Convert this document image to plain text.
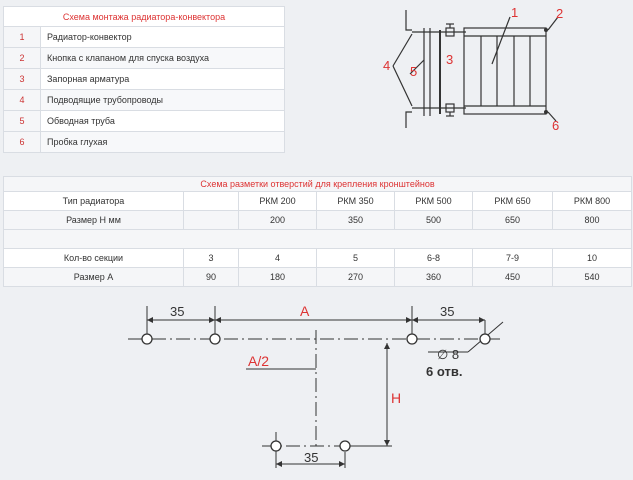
Схема монтажа радиатора-конвектора	
1	Радиатор-конвектор
2	Кнопка с клапаном для спуска воздуха
3	Запорная арматура
4	Подводящие трубопроводы
5	Обводная труба
6	Пробка глухая
Схема разметки отверстий для крепления кронштейнов						
Тип радиатора		РКМ 200	РКМ 350	РКМ 500	РКМ 650	РКМ 800
Размер Н мм		200	350	500	650	800

Кол-во секции	3	4	5	6-8	7-9	10
Размер А	90	180	270	360	450	540
1	2
3
4 5
6
35	А	35
А/2
Н
35
∅ 8
6 отв.
